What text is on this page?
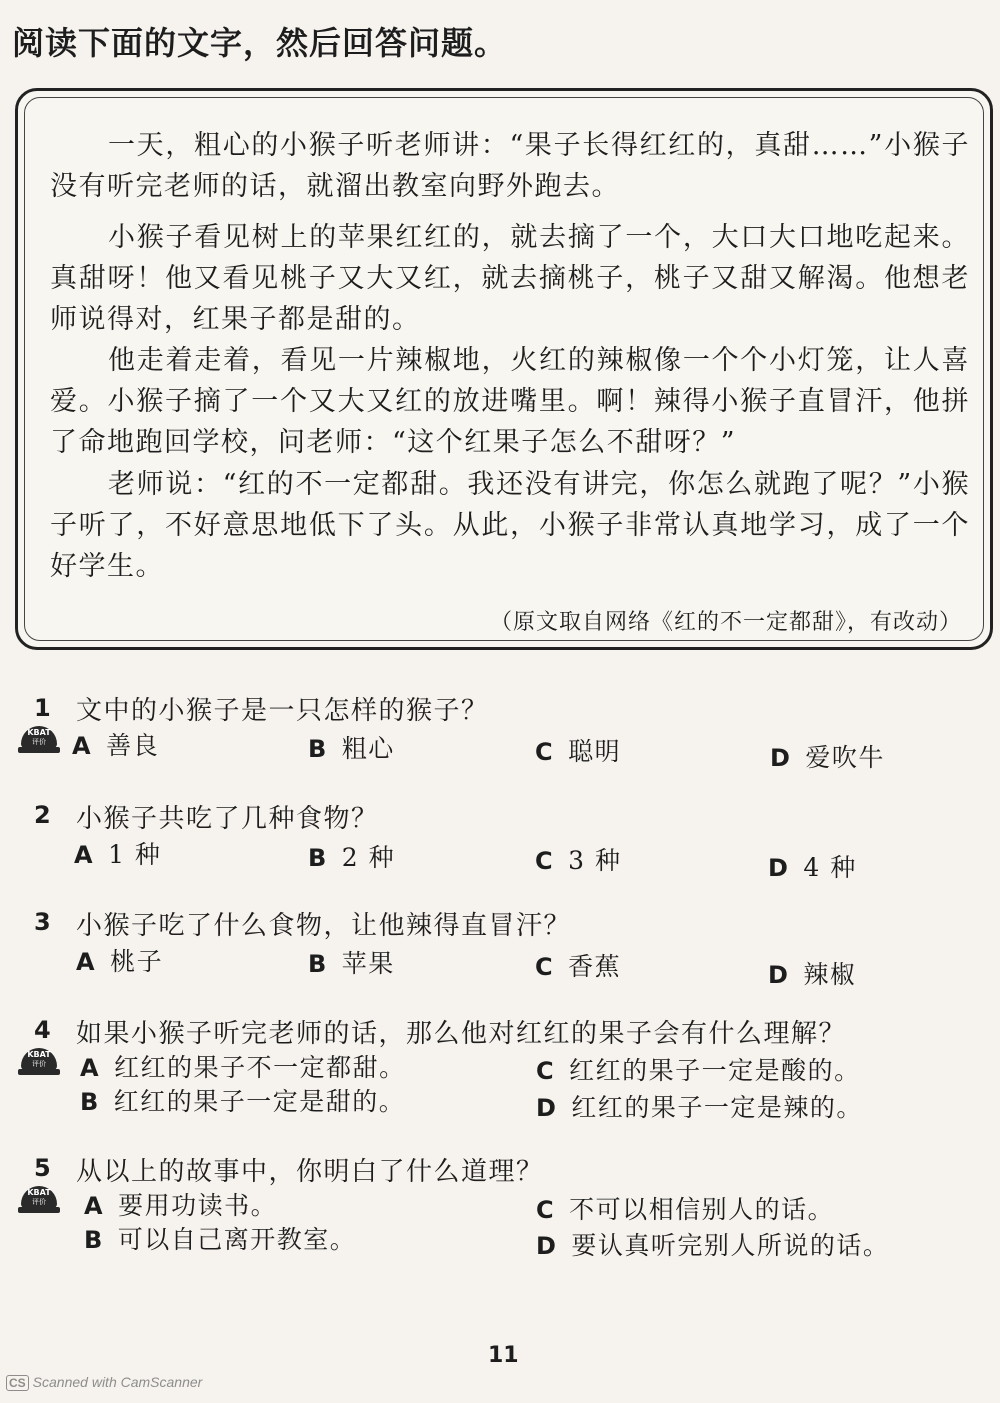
阅读下面的文字，然后回答问题。

一天，粗心的小猴子听老师讲：“果子长得红红的，真甜……”小猴子没有听完老师的话，就溜出教室向野外跑去。

小猴子看见树上的苹果红红的，就去摘了一个，大口大口地吃起来。真甜呀！他又看见桃子又大又红，就去摘桃子，桃子又甜又解渴。他想老师说得对，红果子都是甜的。

他走着走着，看见一片辣椒地，火红的辣椒像一个个小灯笼，让人喜爱。小猴子摘了一个又大又红的放进嘴里。啊！辣得小猴子直冒汗，他拼了命地跑回学校，问老师：“这个红果子怎么不甜呀？”

老师说：“红的不一定都甜。我还没有讲完，你怎么就跑了呢？”小猴子听了，不好意思地低下了头。从此，小猴子非常认真地学习，成了一个好学生。

（原文取自网络《红的不一定都甜》，有改动）
1 文中的小猴子是一只怎样的猴子？
KBAT
评价	A 善良	B 粗心	C 聪明	D 爱吹牛
2 小猴子共吃了几种食物？
A 1 种	B 2 种	C 3 种	D 4 种
3 小猴子吃了什么食物，让他辣得直冒汗？
A 桃子	B 苹果	C 香蕉	D 辣椒
4 如果小猴子听完老师的话，那么他对红红的果子会有什么理解？
KBAT
评价	A 红红的果子不一定都甜。
B 红红的果子一定是甜的。
C 红红的果子一定是酸的。
D 红红的果子一定是辣的。
5 从以上的故事中，你明白了什么道理？
KBAT
评价	A 要用功读书。
B 可以自己离开教室。
C 不可以相信别人的话。
D 要认真听完别人所说的话。
11
CS Scanned with CamScanner
